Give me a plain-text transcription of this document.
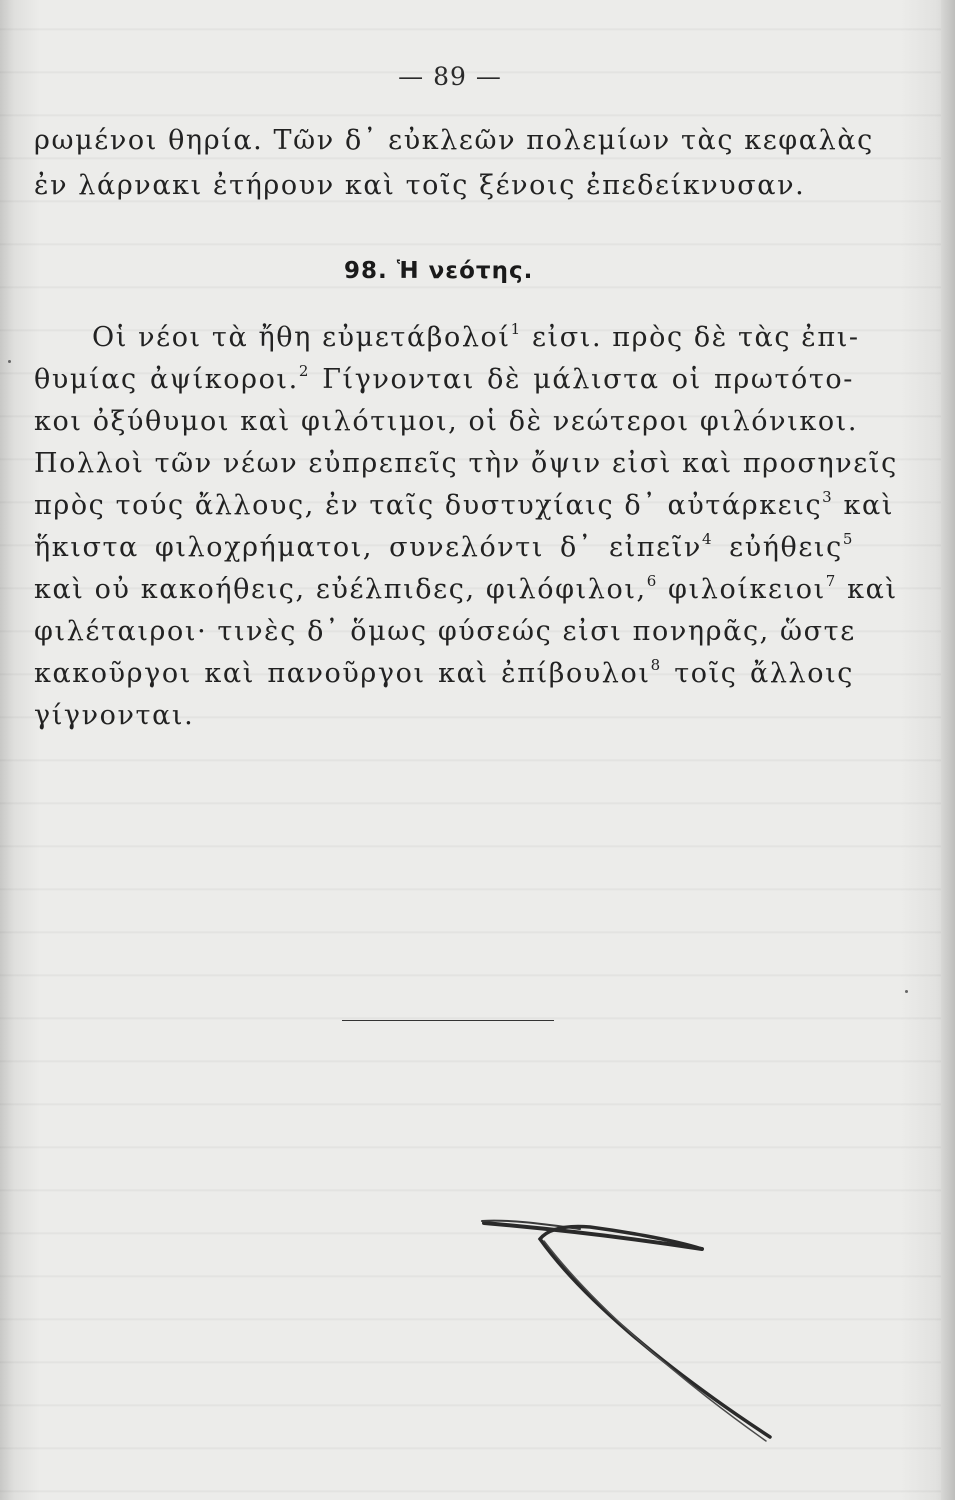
— 89 —
ρωμένοι θηρία. Τῶν δ᾿ εὐκλεῶν πολεμίων τὰς κεφαλὰς
ἐν λάρνακι ἐτήρουν καὶ τοῖς ξένοις ἐπεδείκνυσαν.
98. Ἡ νεότης.
Οἱ νέοι τὰ ἤθη εὐμετάβολοί$^1$ εἰσι. πρὸς δὲ τὰς ἐπι-
θυμίας ἀψίκοροι.$^2$ Γίγνονται δὲ μάλιστα οἱ πρωτότο-
κοι ὀξύθυμοι καὶ φιλότιμοι, οἱ δὲ νεώτεροι φιλόνικοι.
Πολλοὶ τῶν νέων εὐπρεπεῖς τὴν ὄψιν εἰσὶ καὶ προσηνεῖς
πρὸς τούς ἄλλους, ἐν ταῖς δυστυχίαις δ᾿ αὐτάρκεις$^3$ καὶ
ἥκιστα φιλοχρήματοι, συνελόντι δ᾿ εἰπεῖν$^4$ εὐήθεις$^5$
καὶ οὐ κακοήθεις, εὐέλπιδες, φιλόφιλοι,$^6$ φιλοίκειοι$^7$ καὶ
φιλέταιροι· τινὲς δ᾿ ὅμως φύσεώς εἰσι πονηρᾶς, ὥστε
κακοῦργοι καὶ πανοῦργοι καὶ ἐπίβουλοι$^8$ τοῖς ἄλλοις
γίγνονται.
